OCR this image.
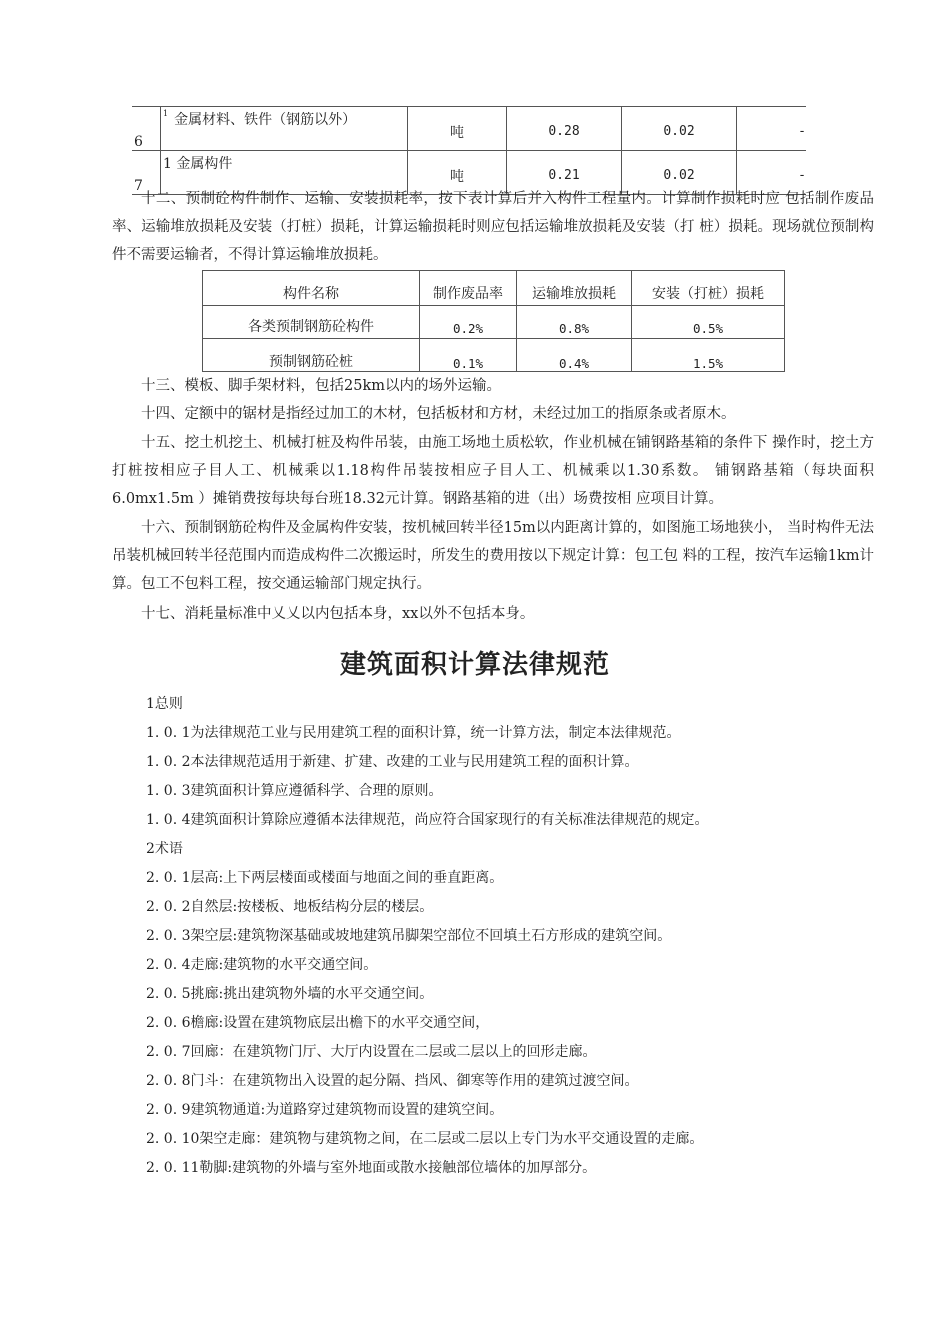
6	$^1$ 金属材料、铁件（钢筋以外）	吨	0.28	0.02	-
7	1 金属构件	吨	0.21	0.02	-

十二、预制砼构件制作、运输、安装损耗率，按下表计算后并入构件工程量内。计算制作损耗时应 包括制作废品率、运输堆放损耗及安装（打桩）损耗，计算运输损耗时则应包括运输堆放损耗及安装（打 桩）损耗。现场就位预制构件不需要运输者，不得计算运输堆放损耗。

构件名称	制作废品率	运输堆放损耗	安装（打桩）损耗
各类预制钢筋砼构件	0.2%	0.8%	0.5%
预制钢筋砼桩	0.1%	0.4%	1.5%

十三、模板、脚手架材料，包括25km以内的场外运输。

十四、定额中的锯材是指经过加工的木材，包括板材和方材，未经过加工的指原条或者原木。

十五、挖土机挖土、机械打桩及构件吊装，由施工场地土质松软，作业机械在铺钢路基箱的条件下 操作时，挖土方打桩按相应子目人工、机械乘以1.18构件吊装按相应子目人工、机械乘以1.30系数。 铺钢路基箱（每块面积6.0mx1.5m ）摊销费按每块每台班18.32元计算。钢路基箱的进（出）场费按相 应项目计算。

十六、预制钢筋砼构件及金属构件安装，按机械回转半径15m以内距离计算的，如图施工场地狭小， 当时构件无法吊装机械回转半径范围内而造成构件二次搬运时，所发生的费用按以下规定计算：包工包 料的工程，按汽车运输1km计算。包工不包料工程，按交通运输部门规定执行。

十七、消耗量标准中乂乂以内包括本身，xx以外不包括本身。

建筑面积计算法律规范
1总则
1. 0. 1为法律规范工业与民用建筑工程的面积计算，统一计算方法，制定本法律规范。
1. 0. 2本法律规范适用于新建、扩建、改建的工业与民用建筑工程的面积计算。
1. 0. 3建筑面积计算应遵循科学、合理的原则。
1. 0. 4建筑面积计算除应遵循本法律规范，尚应符合国家现行的有关标准法律规范的规定。
2术语
2. 0. 1层高:上下两层楼面或楼面与地面之间的垂直距离。
2. 0. 2自然层:按楼板、地板结构分层的楼层。
2. 0. 3架空层:建筑物深基础或坡地建筑吊脚架空部位不回填土石方形成的建筑空间。
2. 0. 4走廊:建筑物的水平交通空间。
2. 0. 5挑廊:挑出建筑物外墙的水平交通空间。
2. 0. 6檐廊:设置在建筑物底层出檐下的水平交通空间，
2. 0. 7回廊：在建筑物门厅、大厅内设置在二层或二层以上的回形走廊。
2. 0. 8门斗：在建筑物出入设置的起分隔、挡风、御寒等作用的建筑过渡空间。
2. 0. 9建筑物通道:为道路穿过建筑物而设置的建筑空间。
2. 0. 10架空走廊：建筑物与建筑物之间，在二层或二层以上专门为水平交通设置的走廊。
2. 0. 11勒脚:建筑物的外墙与室外地面或散水接触部位墙体的加厚部分。
